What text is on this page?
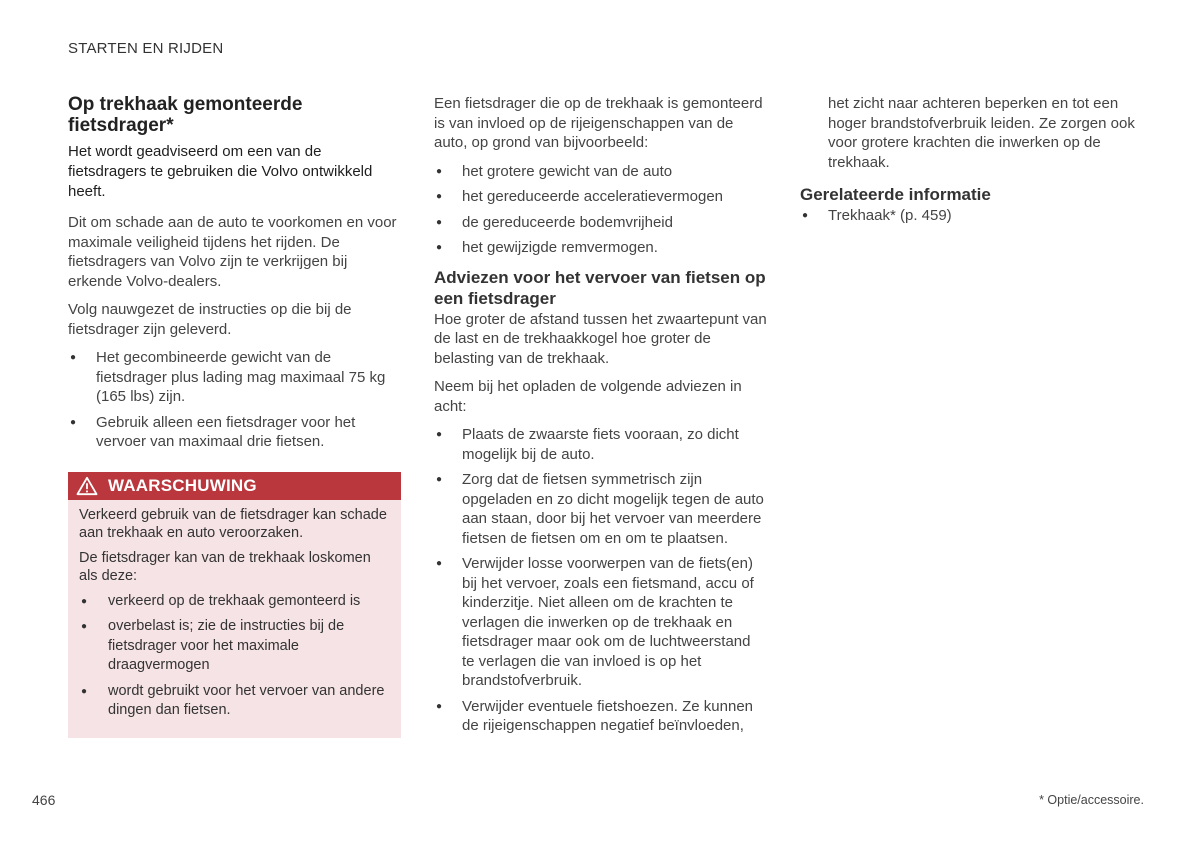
STARTEN EN RIJDEN
Op trekhaak gemonteerde fietsdrager*
Het wordt geadviseerd om een van de fietsdragers te gebruiken die Volvo ontwikkeld heeft.

Dit om schade aan de auto te voorkomen en voor maximale veiligheid tijdens het rijden. De fietsdragers van Volvo zijn te verkrijgen bij erkende Volvo-dealers.

Volg nauwgezet de instructies op die bij de fietsdrager zijn geleverd.

● Het gecombineerde gewicht van de fietsdrager plus lading mag maximaal 75 kg (165 lbs) zijn.
● Gebruik alleen een fietsdrager voor het vervoer van maximaal drie fietsen.
WAARSCHUWING

Verkeerd gebruik van de fietsdrager kan schade aan trekhaak en auto veroorzaken.

De fietsdrager kan van de trekhaak loskomen als deze:

● verkeerd op de trekhaak gemonteerd is
● overbelast is; zie de instructies bij de fietsdrager voor het maximale draagvermogen
● wordt gebruikt voor het vervoer van andere dingen dan fietsen.

Een fietsdrager die op de trekhaak is gemonteerd is van invloed op de rijeigenschappen van de auto, op grond van bijvoorbeeld:

● het grotere gewicht van de auto
● het gereduceerde acceleratievermogen
● de gereduceerde bodemvrijheid
● het gewijzigde remvermogen.
Adviezen voor het vervoer van fietsen op een fietsdrager

Hoe groter de afstand tussen het zwaartepunt van de last en de trekhaakkogel hoe groter de belasting van de trekhaak.

Neem bij het opladen de volgende adviezen in acht:

● Plaats de zwaarste fiets vooraan, zo dicht mogelijk bij de auto.
● Zorg dat de fietsen symmetrisch zijn opgeladen en zo dicht mogelijk tegen de auto aan staan, door bij het vervoer van meerdere fietsen de fietsen om en om te plaatsen.
● Verwijder losse voorwerpen van de fiets(en) bij het vervoer, zoals een fietsmand, accu of kinderzitje. Niet alleen om de krachten te verlagen die inwerken op de trekhaak en fietsdrager maar ook om de luchtweerstand te verlagen die van invloed is op het brandstofverbruik.
● Verwijder eventuele fietshoezen. Ze kunnen de rijeigenschappen negatief beïnvloeden,

het zicht naar achteren beperken en tot een hoger brandstofverbruik leiden. Ze zorgen ook voor grotere krachten die inwerken op de trekhaak.

Gerelateerde informatie
● Trekhaak* (p. 459)
466	* Optie/accessoire.
